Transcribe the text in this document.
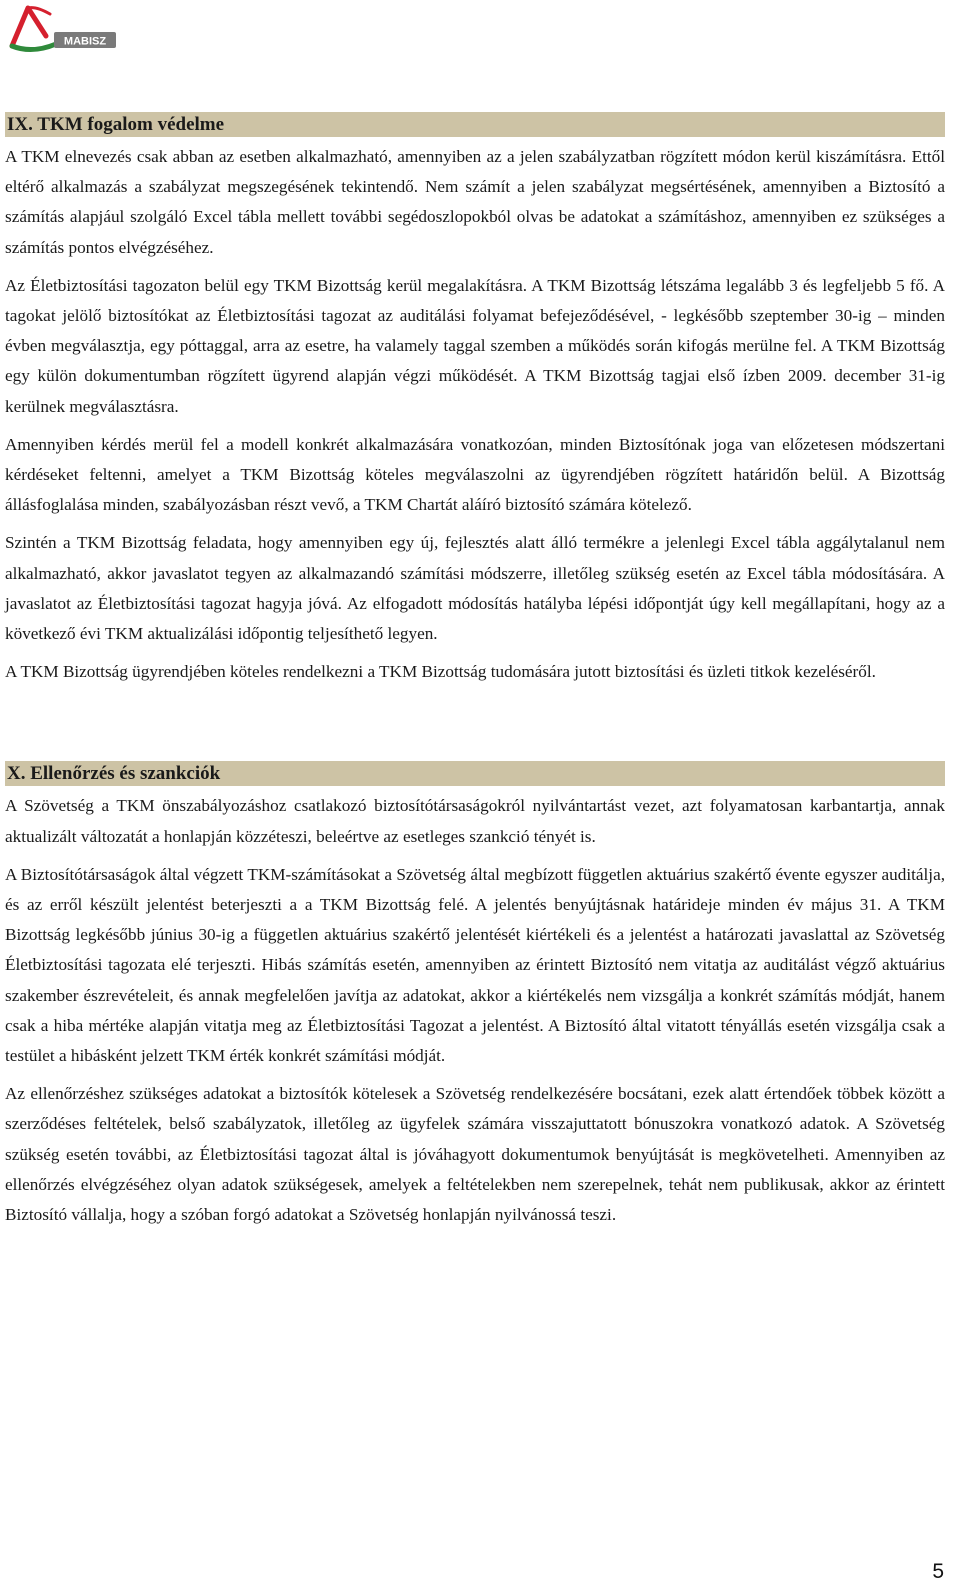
MABISZ
IX. TKM fogalom védelme

A TKM elnevezés csak abban az esetben alkalmazható, amennyiben az a jelen szabályzatban rögzített módon kerül kiszámításra. Ettől eltérő alkalmazás a szabályzat megszegésének tekintendő. Nem számít a jelen szabályzat megsértésének, amennyiben a Biztosító a számítás alapjául szolgáló Excel tábla mellett további segédoszlopokból olvas be adatokat a számításhoz, amennyiben ez szükséges a számítás pontos elvégzéséhez.

Az Életbiztosítási tagozaton belül egy TKM Bizottság kerül megalakításra. A TKM Bizottság létszáma legalább 3 és legfeljebb 5 fő. A tagokat jelölő biztosítókat az Életbiztosítási tagozat az auditálási folyamat befejeződésével, - legkésőbb szeptember 30-ig – minden évben megválasztja, egy póttaggal, arra az esetre, ha valamely taggal szemben a működés során kifogás merülne fel. A TKM Bizottság egy külön dokumentumban rögzített ügyrend alapján végzi működését. A TKM Bizottság tagjai első ízben 2009. december 31-ig kerülnek megválasztásra.

Amennyiben kérdés merül fel a modell konkrét alkalmazására vonatkozóan, minden Biztosítónak joga van előzetesen módszertani kérdéseket feltenni, amelyet a TKM Bizottság köteles megválaszolni az ügyrendjében rögzített határidőn belül. A Bizottság állásfoglalása minden, szabályozásban részt vevő, a TKM Chartát aláíró biztosító számára kötelező.

Szintén a TKM Bizottság feladata, hogy amennyiben egy új, fejlesztés alatt álló termékre a jelenlegi Excel tábla aggálytalanul nem alkalmazható, akkor javaslatot tegyen az alkalmazandó számítási módszerre, illetőleg szükség esetén az Excel tábla módosítására. A javaslatot az Életbiztosítási tagozat hagyja jóvá. Az elfogadott módosítás hatályba lépési időpontját úgy kell megállapítani, hogy az a következő évi TKM aktualizálási időpontig teljesíthető legyen.

A TKM Bizottság ügyrendjében köteles rendelkezni a TKM Bizottság tudomására jutott biztosítási és üzleti titkok kezeléséről.

X. Ellenőrzés és szankciók

A Szövetség a TKM önszabályozáshoz csatlakozó biztosítótársaságokról nyilvántartást vezet, azt folyamatosan karbantartja, annak aktualizált változatát a honlapján közzéteszi, beleértve az esetleges szankció tényét is.

A Biztosítótársaságok által végzett TKM-számításokat a Szövetség által megbízott független aktuárius szakértő évente egyszer auditálja, és az erről készült jelentést beterjeszti a a TKM Bizottság felé. A jelentés benyújtásnak határideje minden év május 31. A TKM Bizottság legkésőbb június 30-ig a független aktuárius szakértő jelentését kiértékeli és a jelentést a határozati javaslattal az Szövetség Életbiztosítási tagozata elé terjeszti. Hibás számítás esetén, amennyiben az érintett Biztosító nem vitatja az auditálást végző aktuárius szakember észrevételeit, és annak megfelelően javítja az adatokat, akkor a kiértékelés nem vizsgálja a konkrét számítás módját, hanem csak a hiba mértéke alapján vitatja meg az Életbiztosítási Tagozat a jelentést. A Biztosító által vitatott tényállás esetén vizsgálja csak a testület a hibásként jelzett TKM érték konkrét számítási módját.

Az ellenőrzéshez szükséges adatokat a biztosítók kötelesek a Szövetség rendelkezésére bocsátani, ezek alatt értendőek többek között a szerződéses feltételek, belső szabályzatok, illetőleg az ügyfelek számára visszajuttatott bónuszokra vonatkozó adatok. A Szövetség szükség esetén további, az Életbiztosítási tagozat által is jóváhagyott dokumentumok benyújtását is megkövetelheti. Amennyiben az ellenőrzés elvégzéséhez olyan adatok szükségesek, amelyek a feltételekben nem szerepelnek, tehát nem publikusak, akkor az érintett Biztosító vállalja, hogy a szóban forgó adatokat a Szövetség honlapján nyilvánossá teszi.

5
